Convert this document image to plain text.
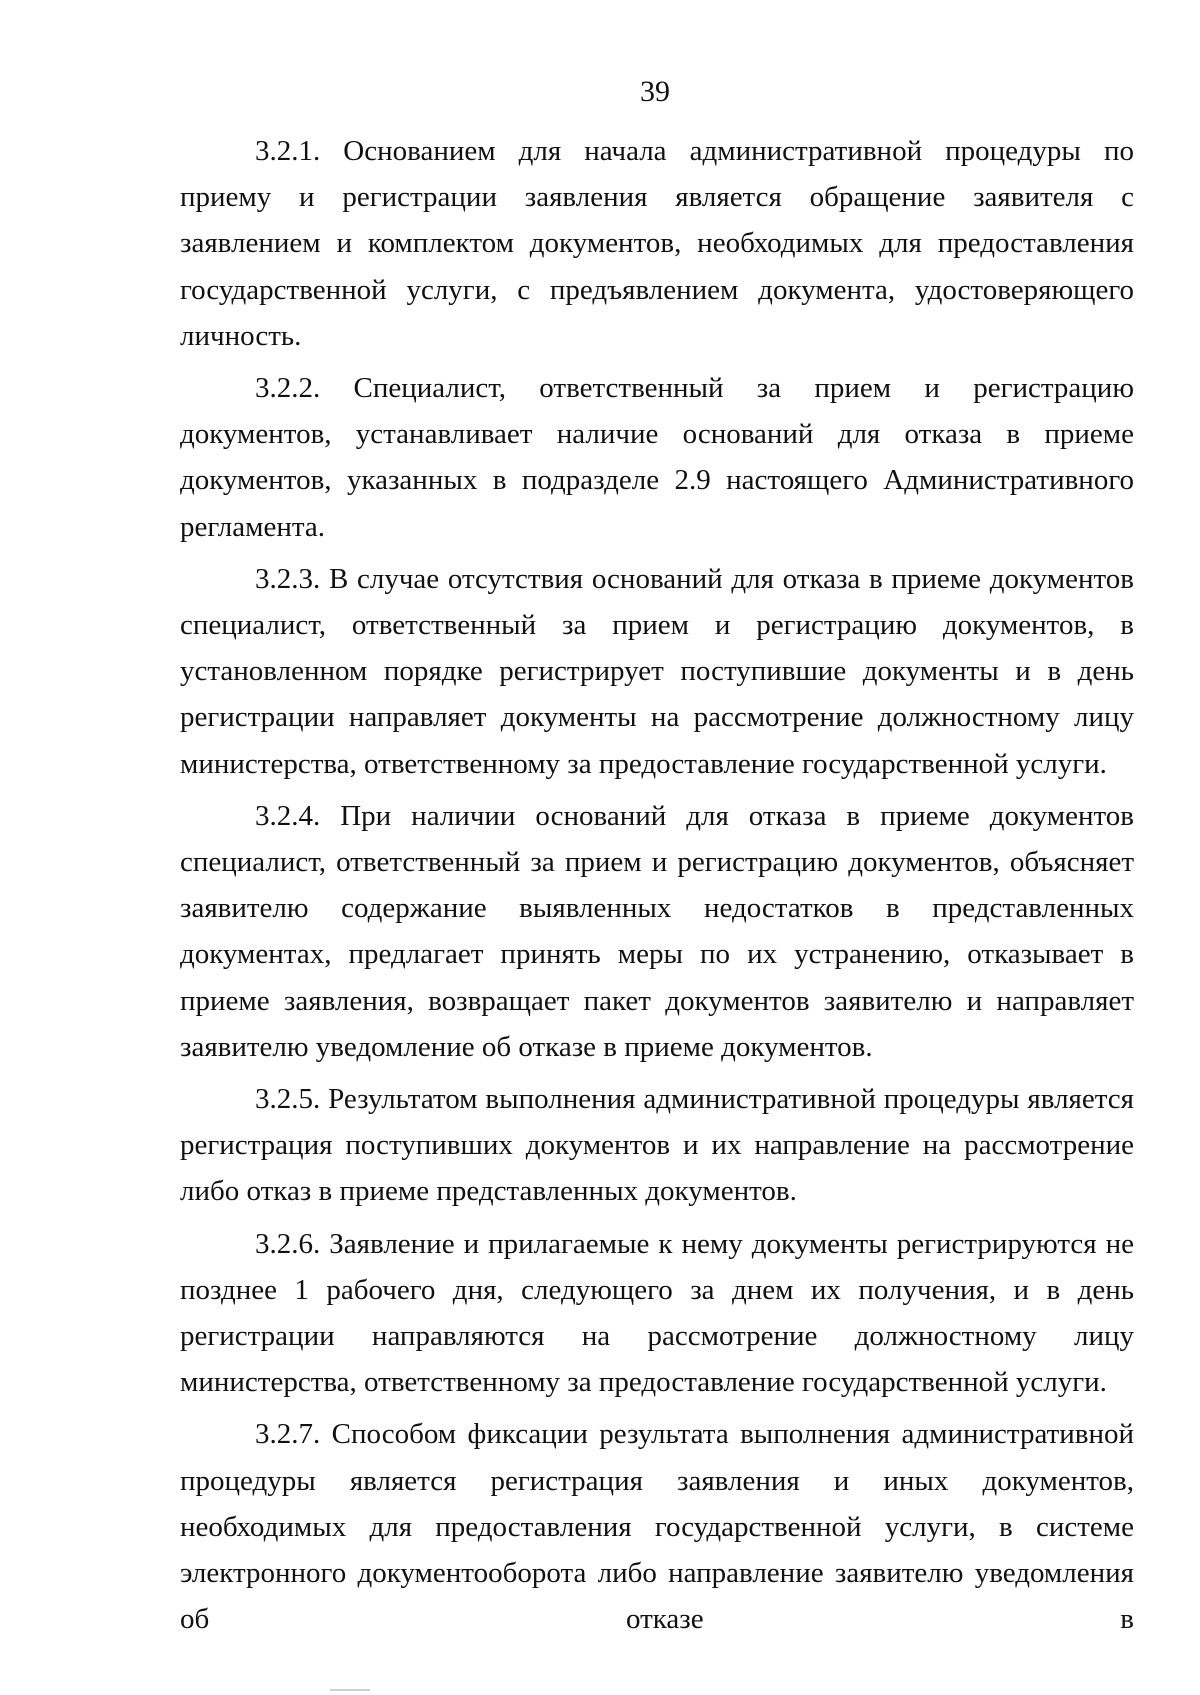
39

3.2.1. Основанием для начала административной процедуры по приему и регистрации заявления является обращение заявителя с заявлением и комплектом документов, необходимых для предоставления государственной услуги, с предъявлением документа, удостоверяющего личность.

3.2.2. Специалист, ответственный за прием и регистрацию документов, устанавливает наличие оснований для отказа в приеме документов, указанных в подразделе 2.9 настоящего Административного регламента.

3.2.3. В случае отсутствия оснований для отказа в приеме документов специалист, ответственный за прием и регистрацию документов, в установленном порядке регистрирует поступившие документы и в день регистрации направляет документы на рассмотрение должностному лицу министерства, ответственному за предоставление государственной услуги.

3.2.4. При наличии оснований для отказа в приеме документов специалист, ответственный за прием и регистрацию документов, объясняет заявителю содержание выявленных недостатков в представленных документах, предлагает принять меры по их устранению, отказывает в приеме заявления, возвращает пакет документов заявителю и направляет заявителю уведомление об отказе в приеме документов.

3.2.5. Результатом выполнения административной процедуры является регистрация поступивших документов и их направление на рассмотрение либо отказ в приеме представленных документов.

3.2.6. Заявление и прилагаемые к нему документы регистрируются не позднее 1 рабочего дня, следующего за днем их получения, и в день регистрации направляются на рассмотрение должностному лицу министерства, ответственному за предоставление государственной услуги.

3.2.7. Способом фиксации результата выполнения административной процедуры является регистрация заявления и иных документов, необходимых для предоставления государственной услуги, в системе электронного документооборота либо направление заявителю уведомления об отказе в
